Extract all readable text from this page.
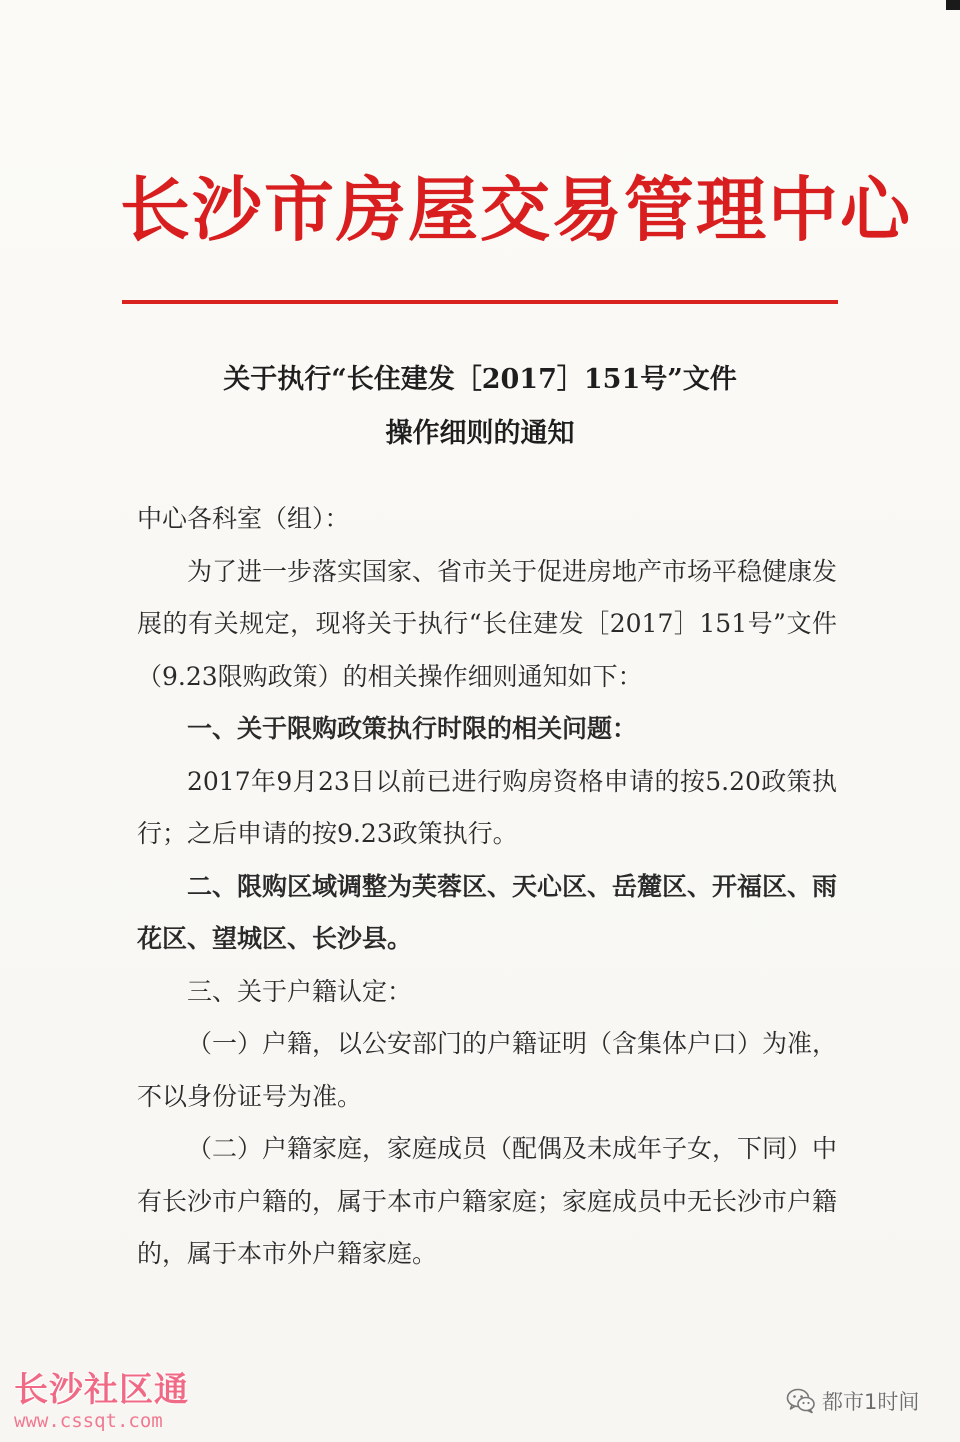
长沙市房屋交易管理中心
关于执行“长住建发［2017］151号”文件
操作细则的通知

中心各科室（组）：

为了进一步落实国家、省市关于促进房地产市场平稳健康发展的有关规定，现将关于执行“长住建发［2017］151号”文件（9.23限购政策）的相关操作细则通知如下：

一、关于限购政策执行时限的相关问题：

2017年9月23日以前已进行购房资格申请的按5.20政策执行；之后申请的按9.23政策执行。

二、限购区域调整为芙蓉区、天心区、岳麓区、开福区、雨花区、望城区、长沙县。

三、关于户籍认定：

（一）户籍，以公安部门的户籍证明（含集体户口）为准，不以身份证号为准。

（二）户籍家庭，家庭成员（配偶及未成年子女，下同）中有长沙市户籍的，属于本市户籍家庭；家庭成员中无长沙市户籍的，属于本市外户籍家庭。

长沙社区通
www.cssqt.com
都市1时间
